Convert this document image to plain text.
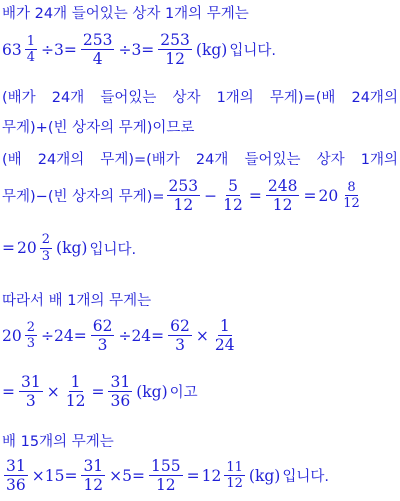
배가 24개 들어있는 상자 1개의 무게는
$63 \frac{1}{4} \div 3= \frac{253}{4} \div 3= \frac{253}{12} (kg)$ 입니다.
(배가 24개 들어있는 상자 1개의 무게)=(배 24개의
무게)+(빈 상자의 무게)이므로
(배 24개의 무게)=(배가 24개 들어있는 상자 1개의
무게)−(빈 상자의 무게)= $\frac{253}{12} - \frac{5}{12} = \frac{248}{12} = 20 \frac{8}{12}$
= $20 \frac{2}{3} (kg)$ 입니다.
따라서 배 1개의 무게는
$20 \frac{2}{3} \div 24= \frac{62}{3} \div 24= \frac{62}{3} \times \frac{1}{24}$
= $\frac{31}{3} \times \frac{1}{12} = \frac{31}{36} (kg)$ 이고
배 15개의 무게는
$\frac{31}{36} \times 15= \frac{31}{12} \times 5= \frac{155}{12} = 12 \frac{11}{12} (kg)$ 입니다.
